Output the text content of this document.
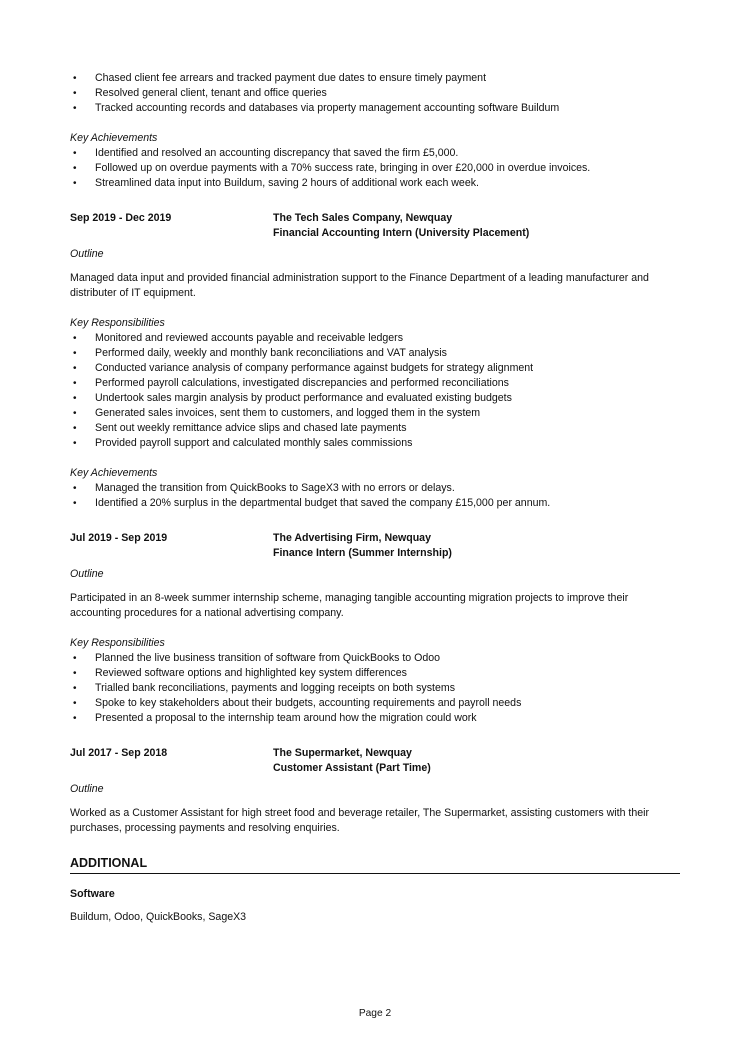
• Chased client fee arrears and tracked payment due dates to ensure timely payment
• Resolved general client, tenant and office queries
• Tracked accounting records and databases via property management accounting software Buildum
Key Achievements
• Identified and resolved an accounting discrepancy that saved the firm £5,000.
• Followed up on overdue payments with a 70% success rate, bringing in over £20,000 in overdue invoices.
• Streamlined data input into Buildum, saving 2 hours of additional work each week.
Sep 2019 - Dec 2019	The Tech Sales Company, Newquay
Financial Accounting Intern (University Placement)
Outline

Managed data input and provided financial administration support to the Finance Department of a leading manufacturer and distributer of IT equipment.

Key Responsibilities
• Monitored and reviewed accounts payable and receivable ledgers
• Performed daily, weekly and monthly bank reconciliations and VAT analysis
• Conducted variance analysis of company performance against budgets for strategy alignment
• Performed payroll calculations, investigated discrepancies and performed reconciliations
• Undertook sales margin analysis by product performance and evaluated existing budgets
• Generated sales invoices, sent them to customers, and logged them in the system
• Sent out weekly remittance advice slips and chased late payments
• Provided payroll support and calculated monthly sales commissions
Key Achievements
• Managed the transition from QuickBooks to SageX3 with no errors or delays.
• Identified a 20% surplus in the departmental budget that saved the company £15,000 per annum.
Jul 2019 - Sep 2019	The Advertising Firm, Newquay
Finance Intern (Summer Internship)
Outline

Participated in an 8-week summer internship scheme, managing tangible accounting migration projects to improve their accounting procedures for a national advertising company.

Key Responsibilities
• Planned the live business transition of software from QuickBooks to Odoo
• Reviewed software options and highlighted key system differences
• Trialled bank reconciliations, payments and logging receipts on both systems
• Spoke to key stakeholders about their budgets, accounting requirements and payroll needs
• Presented a proposal to the internship team around how the migration could work
Jul 2017 - Sep 2018	The Supermarket, Newquay
Customer Assistant (Part Time)
Outline

Worked as a Customer Assistant for high street food and beverage retailer, The Supermarket, assisting customers with their purchases, processing payments and resolving enquiries.

ADDITIONAL
Software

Buildum, Odoo, QuickBooks, SageX3

Page 2
